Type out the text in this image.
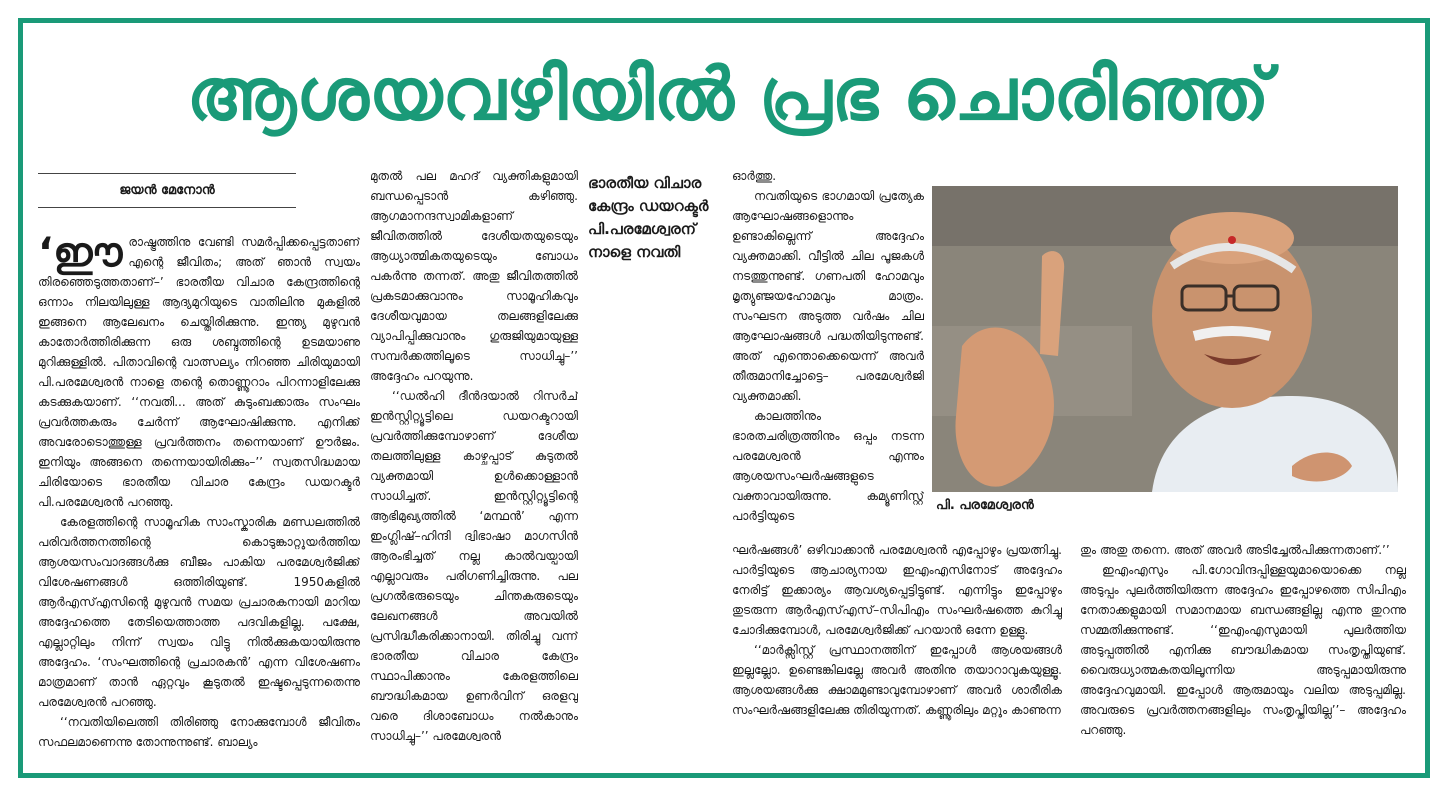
ആശയവഴിയിൽ പ്രഭ ചൊരിഞ്ഞ്
ജയൻ മേനോൻ

‘ഈരാഷ്ട്രത്തിനു വേണ്ടി സമർപ്പിക്കപ്പെട്ടതാണ് എന്റെ ജീവിതം; അത് ഞാൻ സ്വയം തിരഞ്ഞെടുത്തതാണ്–’ ഭാരതീയ വിചാര കേന്ദ്രത്തിന്റെ ഒന്നാം നിലയിലുള്ള ആദ്യമുറിയുടെ വാതിലിനു മുകളിൽ ഇങ്ങനെ ആലേഖനം ചെയ്തിരിക്കുന്നു. ഇന്ത്യ മുഴുവൻ കാതോർത്തിരിക്കുന്ന ഒരു ശബ്ദത്തിന്റെ ഉടമയാണു മുറിക്കുള്ളിൽ. പിതാവിന്റെ വാത്സല്യം നിറഞ്ഞ ചിരിയുമായി പി.പരമേശ്വരൻ നാളെ തന്റെ തൊണ്ണൂറാം പിറന്നാളിലേക്കു കടക്കുകയാണ്. ‘‘നവതി... അത് കുടുംബക്കാരും സംഘം പ്രവർത്തകരും ചേർന്ന് ആഘോഷിക്കുന്നു. എനിക്ക് അവരോടൊത്തുള്ള പ്രവർത്തനം തന്നെയാണ് ഊർജം. ഇനിയും അങ്ങനെ തന്നെയായിരിക്കും–’’ സ്വതസിദ്ധമായ ചിരിയോടെ ഭാരതീയ വിചാര കേന്ദ്രം ഡയറക്ടർ പി.പരമേശ്വരൻ പറഞ്ഞു.

കേരളത്തിന്റെ സാമൂഹിക സാംസ്കാരിക മണ്ഡലത്തിൽ പരിവർത്തനത്തിന്റെ കൊടുങ്കാറ്റുയർത്തിയ ആശയസംവാദങ്ങൾക്കു ബീജം പാകിയ പരമേശ്വർജിക്ക് വിശേഷണങ്ങൾ ഒത്തിരിയുണ്ട്. 1950കളിൽ ആർഎസ്എസിന്റെ മുഴുവൻ സമയ പ്രചാരകനായി മാറിയ അദ്ദേഹത്തെ തേടിയെത്താത്ത പദവികളില്ല. പക്ഷേ, എല്ലാറ്റിലും നിന്ന് സ്വയം വിട്ടു നിൽക്കുകയായിരുന്നു അദ്ദേഹം. ‘സംഘത്തിന്റെ പ്രചാരകൻ’ എന്ന വിശേഷണം മാത്രമാണ് താൻ ഏറ്റവും കൂടുതൽ ഇഷ്ടപ്പെടുന്നതെന്നു പരമേശ്വരൻ പറഞ്ഞു.

‘‘നവതിയിലെത്തി തിരിഞ്ഞു നോക്കുമ്പോൾ ജീവിതം സഫലമാണെന്നു തോന്നുന്നുണ്ട്. ബാല്യം

മുതൽ പല മഹദ് വ്യക്തികളുമായി ബന്ധപ്പെടാൻ കഴിഞ്ഞു. ആഗമാനന്ദസ്വാമികളാണ് ജീവിതത്തിൽ ദേശീയതയുടെയും ആധ്യാത്മികതയുടെയും ബോധം പകർന്നു തന്നത്. അതു ജീവിതത്തിൽ പ്രകടമാക്കുവാനും സാമൂഹികവും ദേശീയവുമായ തലങ്ങളിലേക്കു വ്യാപിപ്പിക്കുവാനും ഗുരുജിയുമായുള്ള സമ്പർക്കത്തിലൂടെ സാധിച്ചു–’’ അദ്ദേഹം പറയുന്നു.

‘‘ഡൽഹി ദീൻദയാൽ റിസർച് ഇൻസ്റ്റിറ്റ്യൂട്ടിലെ ഡയറക്ടറായി പ്രവർത്തിക്കുമ്പോഴാണ് ദേശീയ തലത്തിലുള്ള കാഴ്ചപ്പാട് കുടുതൽ വ്യക്തമായി ഉൾക്കൊള്ളാൻ സാധിച്ചത്. ഇൻസ്റ്റിറ്റ്യൂട്ടിന്റെ ആഭിമുഖ്യത്തിൽ ‘മന്ഥൻ’ എന്ന ഇംഗ്ലിഷ്–ഹിന്ദി ദ്വിഭാഷാ മാഗസിൻ ആരംഭിച്ചത് നല്ല കാൽവയ്പായി എല്ലാവരും പരിഗണിച്ചിരുന്നു. പല പ്രഗൽഭരുടെയും ചിന്തകരുടെയും ലേഖനങ്ങൾ അവയിൽ പ്രസിദ്ധീകരിക്കാനായി. തിരിച്ചു വന്ന് ഭാരതീയ വിചാര കേന്ദ്രം സ്ഥാപിക്കാനും കേരളത്തിലെ ബൗദ്ധികമായ ഉണർവിന് ഒരളവു വരെ ദിശാബോധം നൽകാനും സാധിച്ചു–’’ പരമേശ്വരൻ

ഭാരതീയ വിചാര കേന്ദ്രം ഡയറക്ടർ പി.പരമേശ്വരന് നാളെ നവതി

ഓർത്തു.

നവതിയുടെ ഭാഗമായി പ്രത്യേക ആഘോഷങ്ങളൊന്നും ഉണ്ടാകില്ലെന്ന് അദ്ദേഹം വ്യക്തമാക്കി. വീട്ടിൽ ചില പൂജകൾ നടത്തുന്നുണ്ട്. ഗണപതി ഹോമവും മൃത്യുഞ്ജയഹോമവും മാത്രം. സംഘടന അടുത്ത വർഷം ചില ആഘോഷങ്ങൾ പദ്ധതിയിടുന്നുണ്ട്. അത് എന്തൊക്കെയെന്ന് അവർ തീരുമാനിച്ചോട്ടെ– പരമേശ്വർജി വ്യക്തമാക്കി.

കാലത്തിനും ഭാരതചരിത്രത്തിനും ഒപ്പം നടന്ന പരമേശ്വരൻ എന്നും ആശയസംഘർഷങ്ങളുടെ വക്താവായിരുന്നു. കമ്യൂണിസ്റ്റ് പാർട്ടിയുടെ

പി. പരമേശ്വരൻ

ഘർഷങ്ങൾ’ ഒഴിവാക്കാൻ പരമേശ്വരൻ എപ്പോഴും പ്രയത്നിച്ചു. പാർട്ടിയുടെ ആചാര്യനായ ഇഎംഎസിനോട് അദ്ദേഹം നേരിട്ട് ഇക്കാര്യം ആവശ്യപ്പെട്ടിട്ടുണ്ട്. എന്നിട്ടും ഇപ്പോഴും തുടരുന്ന ആർഎസ്എസ്–സിപിഎം സംഘർഷത്തെ കുറിച്ചു ചോദിക്കുമ്പോൾ, പരമേശ്വർജിക്ക് പറയാൻ ഒന്നേ ഉള്ളു.

‘‘മാർക്സിസ്റ്റ് പ്രസ്ഥാനത്തിന് ഇപ്പോൾ ആശയങ്ങൾ ഇല്ലല്ലോ. ഉണ്ടെങ്കിലല്ലേ അവർ അതിനു തയാറാവുകയുള്ളൂ. ആശയങ്ങൾക്കു ക്ഷാമമുണ്ടാവുമ്പോഴാണ് അവർ ശാരീരിക സംഘർഷങ്ങളിലേക്കു തിരിയുന്നത്. കണ്ണൂരിലും മറ്റും കാണുന്ന

തും അതു തന്നെ. അത് അവർ അടിച്ചേൽപിക്കുന്നതാണ്.’’

ഇഎംഎസും പി.ഗോവിന്ദപ്പിള്ളയുമായൊക്കെ നല്ല അടുപ്പം പുലർത്തിയിരുന്ന അദ്ദേഹം ഇപ്പോഴത്തെ സിപിഎം നേതാക്കളുമായി സമാനമായ ബന്ധങ്ങളില്ല എന്നു തുറന്നു സമ്മതിക്കുന്നുണ്ട്. ‘‘ഇഎംഎസുമായി പുലർത്തിയ അടുപ്പത്തിൽ എനിക്കു ബൗദ്ധികമായ സംതൃപ്തിയുണ്ട്. വൈരുധ്യാത്മകതയിലൂന്നിയ അടുപ്പമായിരുന്നു അദ്ദേഹവുമായി. ഇപ്പോൾ ആരുമായും വലിയ അടുപ്പമില്ല. അവരുടെ പ്രവർത്തനങ്ങളിലും സംതൃപ്തിയില്ല’’– അദ്ദേഹം പറഞ്ഞു.
